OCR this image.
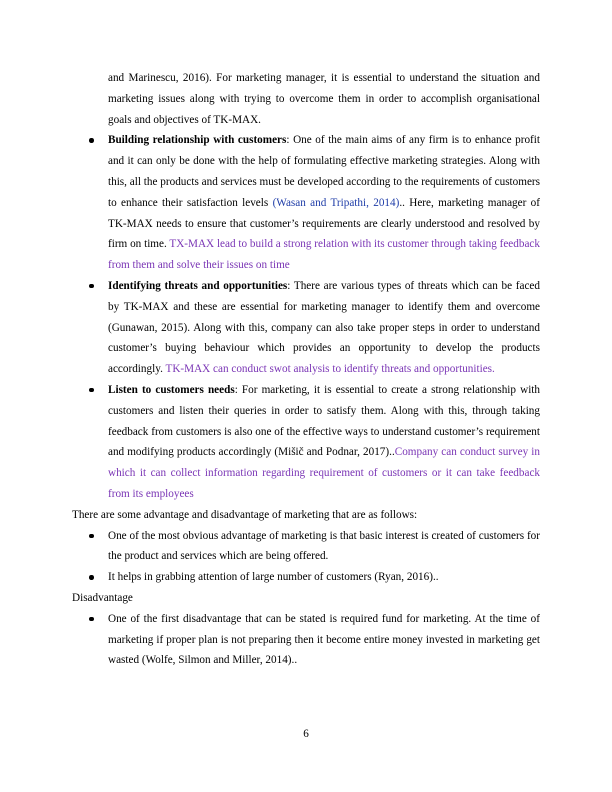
and Marinescu, 2016). For marketing manager, it is essential to understand the situation and marketing issues along with trying to overcome them in order to accomplish organisational goals and objectives of TK-MAX.

Building relationship with customers: One of the main aims of any firm is to enhance profit and it can only be done with the help of formulating effective marketing strategies. Along with this, all the products and services must be developed according to the requirements of customers to enhance their satisfaction levels (Wasan and Tripathi, 2014).. Here, marketing manager of TK-MAX needs to ensure that customer’s requirements are clearly understood and resolved by firm on time. TX-MAX lead to build a strong relation with its customer through taking feedback from them and solve their issues on time

Identifying threats and opportunities: There are various types of threats which can be faced by TK-MAX and these are essential for marketing manager to identify them and overcome (Gunawan, 2015). Along with this, company can also take proper steps in order to understand customer’s buying behaviour which provides an opportunity to develop the products accordingly. TK-MAX can conduct swot analysis to identify threats and opportunities.

Listen to customers needs: For marketing, it is essential to create a strong relationship with customers and listen their queries in order to satisfy them. Along with this, through taking feedback from customers is also one of the effective ways to understand customer’s requirement and modifying products accordingly (Mišič and Podnar, 2017)..Company can conduct survey in which it can collect information regarding requirement of customers or it can take feedback from its employees

There are some advantage and disadvantage of marketing that are as follows:

One of the most obvious advantage of marketing is that basic interest is created of customers for the product and services which are being offered.

It helps in grabbing attention of large number of customers (Ryan, 2016)..

Disadvantage

One of the first disadvantage that can be stated is required fund for marketing. At the time of marketing if proper plan is not preparing then it become entire money invested in marketing get wasted (Wolfe, Silmon and Miller, 2014)..

6
